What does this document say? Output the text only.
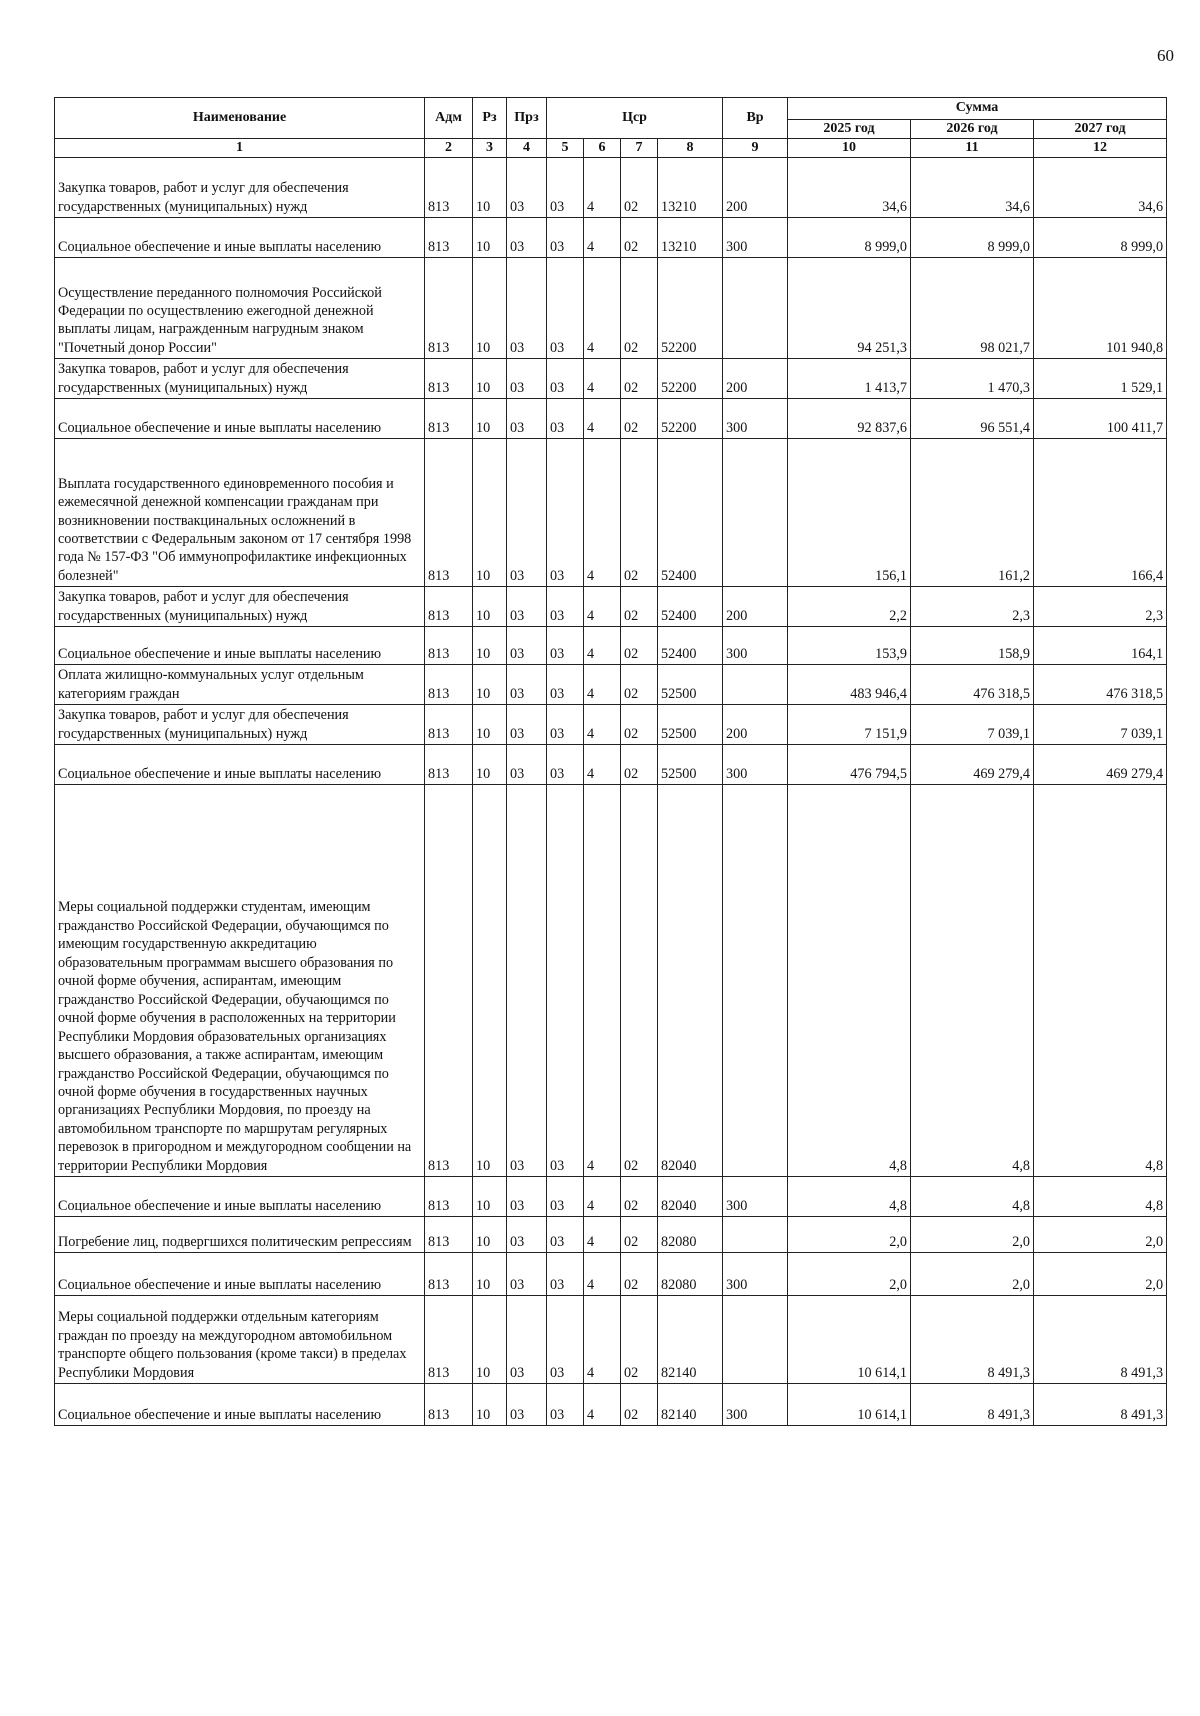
60
Наименование	Адм	Рз	Прз	Цср				Вр	Сумма		
									2025 год	2026 год	2027 год
1	2	3	4	5	6	7	8	9	10	11	12
Закупка товаров, работ и услуг для обеспечения государственных (муниципальных) нужд	813	10	03	03	4	02	13210	200	34,6	34,6	34,6
Социальное обеспечение и иные выплаты населению	813	10	03	03	4	02	13210	300	8 999,0	8 999,0	8 999,0
Осуществление переданного полномочия Российской Федерации по осуществлению ежегодной денежной выплаты лицам, награжденным нагрудным знаком "Почетный донор России"	813	10	03	03	4	02	52200		94 251,3	98 021,7	101 940,8
Закупка товаров, работ и услуг для обеспечения государственных (муниципальных) нужд	813	10	03	03	4	02	52200	200	1 413,7	1 470,3	1 529,1
Социальное обеспечение и иные выплаты населению	813	10	03	03	4	02	52200	300	92 837,6	96 551,4	100 411,7
Выплата государственного единовременного пособия и ежемесячной денежной компенсации гражданам при возникновении поствакцинальных осложнений в соответствии с Федеральным законом от 17 сентября 1998 года № 157-ФЗ "Об иммунопрофилактике инфекционных болезней"	813	10	03	03	4	02	52400		156,1	161,2	166,4
Закупка товаров, работ и услуг для обеспечения государственных (муниципальных) нужд	813	10	03	03	4	02	52400	200	2,2	2,3	2,3
Социальное обеспечение и иные выплаты населению	813	10	03	03	4	02	52400	300	153,9	158,9	164,1
Оплата жилищно-коммунальных услуг отдельным категориям граждан	813	10	03	03	4	02	52500		483 946,4	476 318,5	476 318,5
Закупка товаров, работ и услуг для обеспечения государственных (муниципальных) нужд	813	10	03	03	4	02	52500	200	7 151,9	7 039,1	7 039,1
Социальное обеспечение и иные выплаты населению	813	10	03	03	4	02	52500	300	476 794,5	469 279,4	469 279,4
Меры социальной поддержки студентам, имеющим гражданство Российской Федерации, обучающимся по имеющим государственную аккредитацию образовательным программам высшего образования по очной форме обучения, аспирантам, имеющим гражданство Российской Федерации, обучающимся по очной форме обучения в расположенных на территории Республики Мордовия образовательных организациях высшего образования, а также аспирантам, имеющим гражданство Российской Федерации, обучающимся по очной форме обучения в государственных научных организациях Республики Мордовия, по проезду на автомобильном транспорте по маршрутам регулярных перевозок в пригородном и междугородном сообщении на территории Республики Мордовия	813	10	03	03	4	02	82040		4,8	4,8	4,8
Социальное обеспечение и иные выплаты населению	813	10	03	03	4	02	82040	300	4,8	4,8	4,8
Погребение лиц, подвергшихся политическим репрессиям	813	10	03	03	4	02	82080		2,0	2,0	2,0
Социальное обеспечение и иные выплаты населению	813	10	03	03	4	02	82080	300	2,0	2,0	2,0
Меры социальной поддержки отдельным категориям граждан по проезду на междугородном автомобильном транспорте общего пользования (кроме такси) в пределах Республики Мордовия	813	10	03	03	4	02	82140		10 614,1	8 491,3	8 491,3
Социальное обеспечение и иные выплаты населению	813	10	03	03	4	02	82140	300	10 614,1	8 491,3	8 491,3
